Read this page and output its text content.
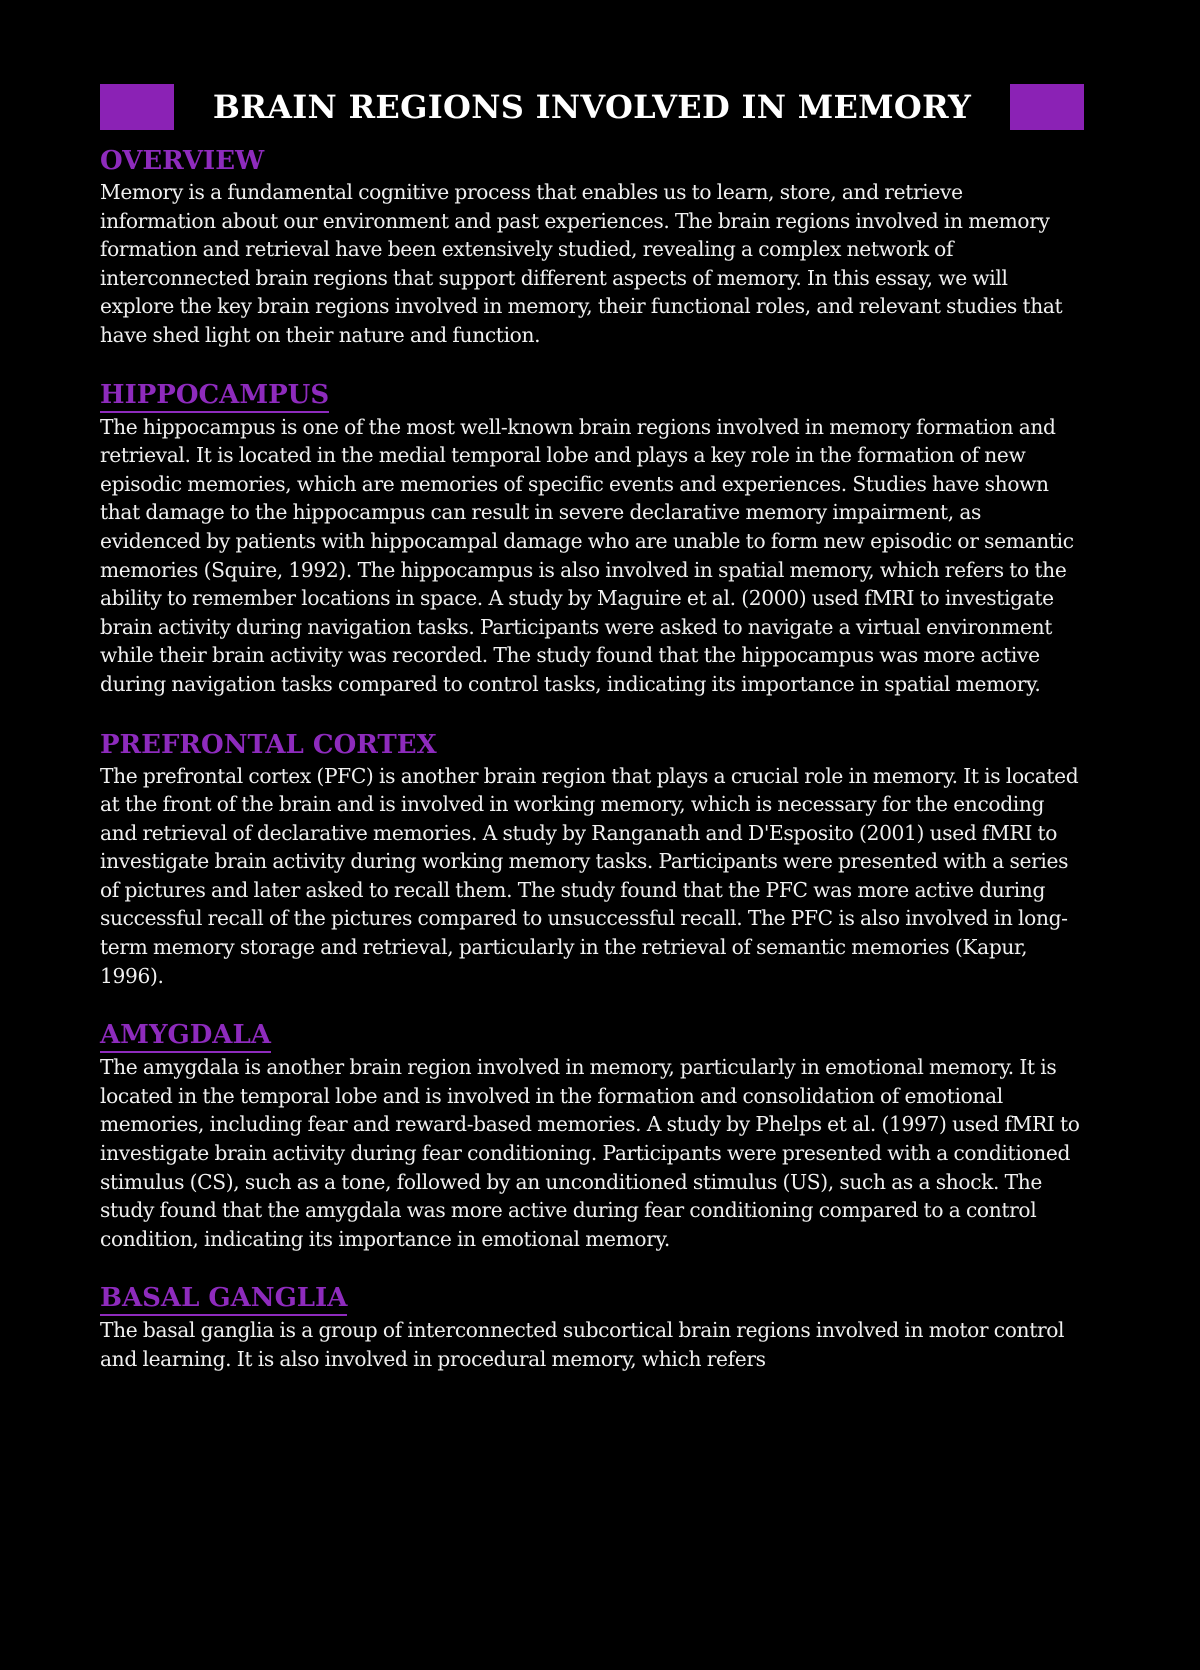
BRAIN REGIONS INVOLVED IN MEMORY
OVERVIEW

Memory is a fundamental cognitive process that enables us to learn, store, and retrieve information about our environment and past experiences. The brain regions involved in memory formation and retrieval have been extensively studied, revealing a complex network of interconnected brain regions that support different aspects of memory. In this essay, we will explore the key brain regions involved in memory, their functional roles, and relevant studies that have shed light on their nature and function.

HIPPOCAMPUS

The hippocampus is one of the most well-known brain regions involved in memory formation and retrieval. It is located in the medial temporal lobe and plays a key role in the formation of new episodic memories, which are memories of specific events and experiences. Studies have shown that damage to the hippocampus can result in severe declarative memory impairment, as evidenced by patients with hippocampal damage who are unable to form new episodic or semantic memories (Squire, 1992). The hippocampus is also involved in spatial memory, which refers to the ability to remember locations in space. A study by Maguire et al. (2000) used fMRI to investigate brain activity during navigation tasks. Participants were asked to navigate a virtual environment while their brain activity was recorded. The study found that the hippocampus was more active during navigation tasks compared to control tasks, indicating its importance in spatial memory.

PREFRONTAL CORTEX

The prefrontal cortex (PFC) is another brain region that plays a crucial role in memory. It is located at the front of the brain and is involved in working memory, which is necessary for the encoding and retrieval of declarative memories. A study by Ranganath and D'Esposito (2001) used fMRI to investigate brain activity during working memory tasks. Participants were presented with a series of pictures and later asked to recall them. The study found that the PFC was more active during successful recall of the pictures compared to unsuccessful recall. The PFC is also involved in long-term memory storage and retrieval, particularly in the retrieval of semantic memories (Kapur, 1996).

AMYGDALA

The amygdala is another brain region involved in memory, particularly in emotional memory. It is located in the temporal lobe and is involved in the formation and consolidation of emotional memories, including fear and reward-based memories. A study by Phelps et al. (1997) used fMRI to investigate brain activity during fear conditioning. Participants were presented with a conditioned stimulus (CS), such as a tone, followed by an unconditioned stimulus (US), such as a shock. The study found that the amygdala was more active during fear conditioning compared to a control condition, indicating its importance in emotional memory.

BASAL GANGLIA

The basal ganglia is a group of interconnected subcortical brain regions involved in motor control and learning. It is also involved in procedural memory, which refers
